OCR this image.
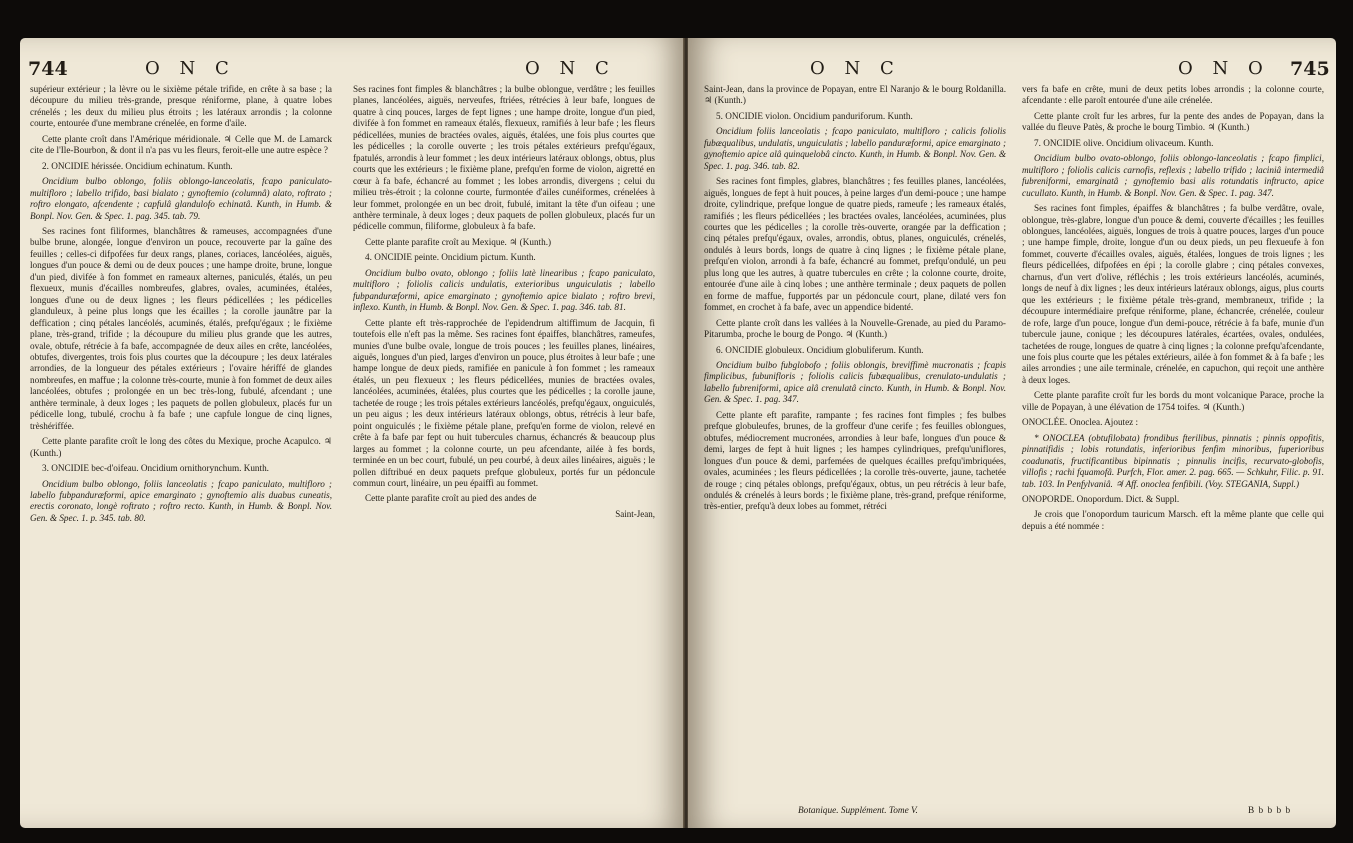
744	O N C	O N C

supérieur extérieur ; la lèvre ou le sixième pétale trifide, en crête à sa base ; la découpure du milieu très-grande, presque réniforme, plane, à quatre lobes crénelés ; les deux du milieu plus étroits ; les latéraux arrondis ; la colonne courte, entourée d'une membrane crénelée, en forme d'aile.

Cette plante croît dans l'Amérique méridionale. ♃ Celle que M. de Lamarck cite de l'Ile-Bourbon, & dont il n'a pas vu les fleurs, feroit-elle une autre espèce ?

2. ONCIDIE hérissée. Oncidium echinatum. Kunth.

Oncidium bulbo oblongo, foliis oblongo-lanceolatis, fcapo paniculato-multifloro ; labello trifido, basi bialato ; gynoftemio (columnâ) alato, roftrato ; roftro elongato, afcendente ; capfulâ glandulofo echinatâ. Kunth, in Humb. & Bonpl. Nov. Gen. & Spec. 1. pag. 345. tab. 79.

Ses racines font filiformes, blanchâtres & rameuses, accompagnées d'une bulbe brune, alongée, longue d'environ un pouce, recouverte par la gaîne des feuilles ; celles-ci difpofées fur deux rangs, planes, coriaces, lancéolées, aiguës, longues d'un pouce & demi ou de deux pouces ; une hampe droite, brune, longue d'un pied, divifée à fon fommet en rameaux alternes, paniculés, étalés, un peu flexueux, munis d'écailles nombreufes, glabres, ovales, acuminées, étalées, longues d'une ou de deux lignes ; les fleurs pédicellées ; les pédicelles glanduleux, à peine plus longs que les écailles ; la corolle jaunâtre par la deffication ; cinq pétales lancéolés, acuminés, étalés, prefqu'égaux ; le fixième plane, très-grand, trifide ; la découpure du milieu plus grande que les autres, ovale, obtufe, rétrécie à fa bafe, accompagnée de deux ailes en crête, lancéolées, obtufes, divergentes, trois fois plus courtes que la découpure ; les deux latérales arrondies, de la longueur des pétales extérieurs ; l'ovaire hériffé de glandes nombreufes, en maffue ; la colonne très-courte, munie à fon fommet de deux ailes lancéolées, obtufes ; prolongée en un bec très-long, fubulé, afcendant ; une anthère terminale, à deux loges ; les paquets de pollen globuleux, placés fur un pédicelle long, tubulé, crochu à fa bafe ; une capfule longue de cinq lignes, trèshériffée.

Cette plante parafite croît le long des côtes du Mexique, proche Acapulco. ♃ (Kunth.)

3. ONCIDIE bec-d'oifeau. Oncidium ornithorynchum. Kunth.

Oncidium bulbo oblongo, foliis lanceolatis ; fcapo paniculato, multifloro ; labello fubpanduræformi, apice emarginato ; gynoftemio alis duabus cuneatis, erectis coronato, longè roftrato ; roftro recto. Kunth, in Humb. & Bonpl. Nov. Gen. & Spec. 1. p. 345. tab. 80.

Ses racines font fimples & blanchâtres ; la bulbe oblongue, verdâtre ; les feuilles planes, lancéolées, aiguës, nerveufes, ftriées, rétrécies à leur bafe, longues de quatre à cinq pouces, larges de fept lignes ; une hampe droite, longue d'un pied, divifée à fon fommet en rameaux étalés, flexueux, ramifiés à leur bafe ; les fleurs pédicellées, munies de bractées ovales, aiguës, étalées, une fois plus courtes que les pédicelles ; la corolle ouverte ; les trois pétales extérieurs prefqu'égaux, fpatulés, arrondis à leur fommet ; les deux intérieurs latéraux oblongs, obtus, plus courts que les extérieurs ; le fixième plane, prefqu'en forme de violon, aigretté en cœur à fa bafe, échancré au fommet ; les lobes arrondis, divergens ; celui du milieu très-étroit ; la colonne courte, furmontée d'ailes cunéiformes, crénelées à leur fommet, prolongée en un bec droit, fubulé, imitant la tête d'un oifeau ; une anthère terminale, à deux loges ; deux paquets de pollen globuleux, placés fur un pédicelle commun, filiforme, globuleux à fa bafe.

Cette plante parafite croît au Mexique. ♃ (Kunth.)

4. ONCIDIE peinte. Oncidium pictum. Kunth.

Oncidium bulbo ovato, oblongo ; foliis latè linearibus ; fcapo paniculato, multifloro ; foliolis calicis undulatis, exterioribus unguiculatis ; labello fubpanduræformi, apice emarginato ; gynoftemio apice bialato ; roftro brevi, inflexo. Kunth, in Humb. & Bonpl. Nov. Gen. & Spec. 1. pag. 346. tab. 81.

Cette plante eft très-rapprochée de l'epidendrum altiffimum de Jacquin, fi toutefois elle n'eft pas la même. Ses racines font épaiffes, blanchâtres, rameufes, munies d'une bulbe ovale, longue de trois pouces ; les feuilles planes, linéaires, aiguës, longues d'un pied, larges d'environ un pouce, plus étroites à leur bafe ; une hampe longue de deux pieds, ramifiée en panicule à fon fommet ; les rameaux étalés, un peu flexueux ; les fleurs pédicellées, munies de bractées ovales, lancéolées, acuminées, étalées, plus courtes que les pédicelles ; la corolle jaune, tachetée de rouge ; les trois pétales extérieurs lancéolés, prefqu'égaux, onguiculés, un peu aigus ; les deux intérieurs latéraux oblongs, obtus, rétrécis à leur bafe, point onguiculés ; le fixième pétale plane, prefqu'en forme de violon, relevé en crête à fa bafe par fept ou huit tubercules charnus, échancrés & beaucoup plus larges au fommet ; la colonne courte, un peu afcendante, ailée à fes bords, terminée en un bec court, fubulé, un peu courbé, à deux ailes linéaires, aiguës ; le pollen diftribué en deux paquets prefque globuleux, portés fur un pédoncule commun court, linéaire, un peu épaiffi au fommet.

Cette plante parafite croît au pied des andes de

Saint-Jean,
O N C	O N O 745

Saint-Jean, dans la province de Popayan, entre El Naranjo & le bourg Roldanilla. ♃ (Kunth.)

5. ONCIDIE violon. Oncidium panduriforum. Kunth.

Oncidium foliis lanceolatis ; fcapo paniculato, multifloro ; calicis foliolis fubæqualibus, undulatis, unguiculatis ; labello panduræformi, apice emarginato ; gynoftemio apice alâ quinquelobâ cincto. Kunth, in Humb. & Bonpl. Nov. Gen. & Spec. 1. pag. 346. tab. 82.

Ses racines font fimples, glabres, blanchâtres ; fes feuilles planes, lancéolées, aiguës, longues de fept à huit pouces, à peine larges d'un demi-pouce ; une hampe droite, cylindrique, prefque longue de quatre pieds, rameufe ; les rameaux étalés, ramifiés ; les fleurs pédicellées ; les bractées ovales, lancéolées, acuminées, plus courtes que les pédicelles ; la corolle très-ouverte, orangée par la deffication ; cinq pétales prefqu'égaux, ovales, arrondis, obtus, planes, onguiculés, crénelés, ondulés à leurs bords, longs de quatre à cinq lignes ; le fixième pétale plane, prefqu'en violon, arrondi à fa bafe, échancré au fommet, prefqu'ondulé, un peu plus long que les autres, à quatre tubercules en crête ; la colonne courte, droite, entourée d'une aile à cinq lobes ; une anthère terminale ; deux paquets de pollen en forme de maffue, fupportés par un pédoncule court, plane, dilaté vers fon fommet, en crochet à fa bafe, avec un appendice bidenté.

Cette plante croît dans les vallées à la Nouvelle-Grenade, au pied du Paramo-Pitarumba, proche le bourg de Pongo. ♃ (Kunth.)

6. ONCIDIE globuleux. Oncidium globuliferum. Kunth.

Oncidium bulbo fubglobofo ; foliis oblongis, breviffimè mucronatis ; fcapis fimplicibus, fubunifloris ; foliolis calicis fubæqualibus, crenulato-undulatis ; labello fubreniformi, apice alâ crenulatâ cincto. Kunth, in Humb. & Bonpl. Nov. Gen. & Spec. 1. pag. 347.

Cette plante eft parafite, rampante ; fes racines font fimples ; fes bulbes prefque globuleufes, brunes, de la groffeur d'une cerife ; fes feuilles oblongues, obtufes, médiocrement mucronées, arrondies à leur bafe, longues d'un pouce & demi, larges de fept à huit lignes ; les hampes cylindriques, prefqu'uniflores, longues d'un pouce & demi, parfemées de quelques écailles prefqu'imbriquées, ovales, acuminées ; les fleurs pédicellées ; la corolle très-ouverte, jaune, tachetée de rouge ; cinq pétales oblongs, prefqu'égaux, obtus, un peu rétrécis à leur bafe, ondulés & crénelés à leurs bords ; le fixième plane, très-grand, prefque réniforme, très-entier, prefqu'à deux lobes au fommet, rétréci

vers fa bafe en crête, muni de deux petits lobes arrondis ; la colonne courte, afcendante : elle paroît entourée d'une aile crénelée.

Cette plante croît fur les arbres, fur la pente des andes de Popayan, dans la vallée du fleuve Patès, & proche le bourg Timbio. ♃ (Kunth.)

7. ONCIDIE olive. Oncidium olivaceum. Kunth.

Oncidium bulbo ovato-oblongo, foliis oblongo-lanceolatis ; fcapo fimplici, multifloro ; foliolis calicis carnofis, reflexis ; labello trifido ; laciniâ intermediâ fubreniformi, emarginatâ ; gynoftemio basi alis rotundatis inftructo, apice cucullato. Kunth, in Humb. & Bonpl. Nov. Gen. & Spec. 1. pag. 347.

Ses racines font fimples, épaiffes & blanchâtres ; fa bulbe verdâtre, ovale, oblongue, très-glabre, longue d'un pouce & demi, couverte d'écailles ; les feuilles oblongues, lancéolées, aiguës, longues de trois à quatre pouces, larges d'un pouce ; une hampe fimple, droite, longue d'un ou deux pieds, un peu flexueufe à fon fommet, couverte d'écailles ovales, aiguës, étalées, longues de trois lignes ; les fleurs pédicellées, difpofées en épi ; la corolle glabre ; cinq pétales convexes, charnus, d'un vert d'olive, réfléchis ; les trois extérieurs lancéolés, acuminés, longs de neuf à dix lignes ; les deux intérieurs latéraux oblongs, aigus, plus courts que les extérieurs ; le fixième pétale très-grand, membraneux, trifide ; la découpure intermédiaire prefque réniforme, plane, échancrée, crénelée, couleur de rofe, large d'un pouce, longue d'un demi-pouce, rétrécie à fa bafe, munie d'un tubercule jaune, conique ; les découpures latérales, écartées, ovales, ondulées, tachetées de rouge, longues de quatre à cinq lignes ; la colonne prefqu'afcendante, une fois plus courte que les pétales extérieurs, ailée à fon fommet & à fa bafe ; les ailes arrondies ; une aile terminale, crénelée, en capuchon, qui reçoit une anthère à deux loges.

Cette plante parafite croît fur les bords du mont volcanique Parace, proche la ville de Popayan, à une élévation de 1754 toifes. ♃ (Kunth.)

ONOCLÉE. Onoclea. Ajoutez :

* ONOCLEA (obtufilobata) frondibus fterilibus, pinnatis ; pinnis oppofitis, pinnatifidis ; lobis rotundatis, inferioribus fenfim minoribus, fuperioribus coadunatis, fructificantibus bipinnatis ; pinnulis incifis, recurvato-globofis, villofis ; rachi fquamofâ. Purfch, Flor. amer. 2. pag. 665. — Schkuhr, Filic. p. 91. tab. 103. In Penfylvaniâ. ♃ Aff. onoclea fenfibili. (Voy. STEGANIA, Suppl.)

ONOPORDE. Onopordum. Dict. & Suppl.

Je crois que l'onopordum tauricum Marsch. eft la même plante que celle qui depuis a été nommée :

Botanique. Supplément. Tome V.	B b b b b
